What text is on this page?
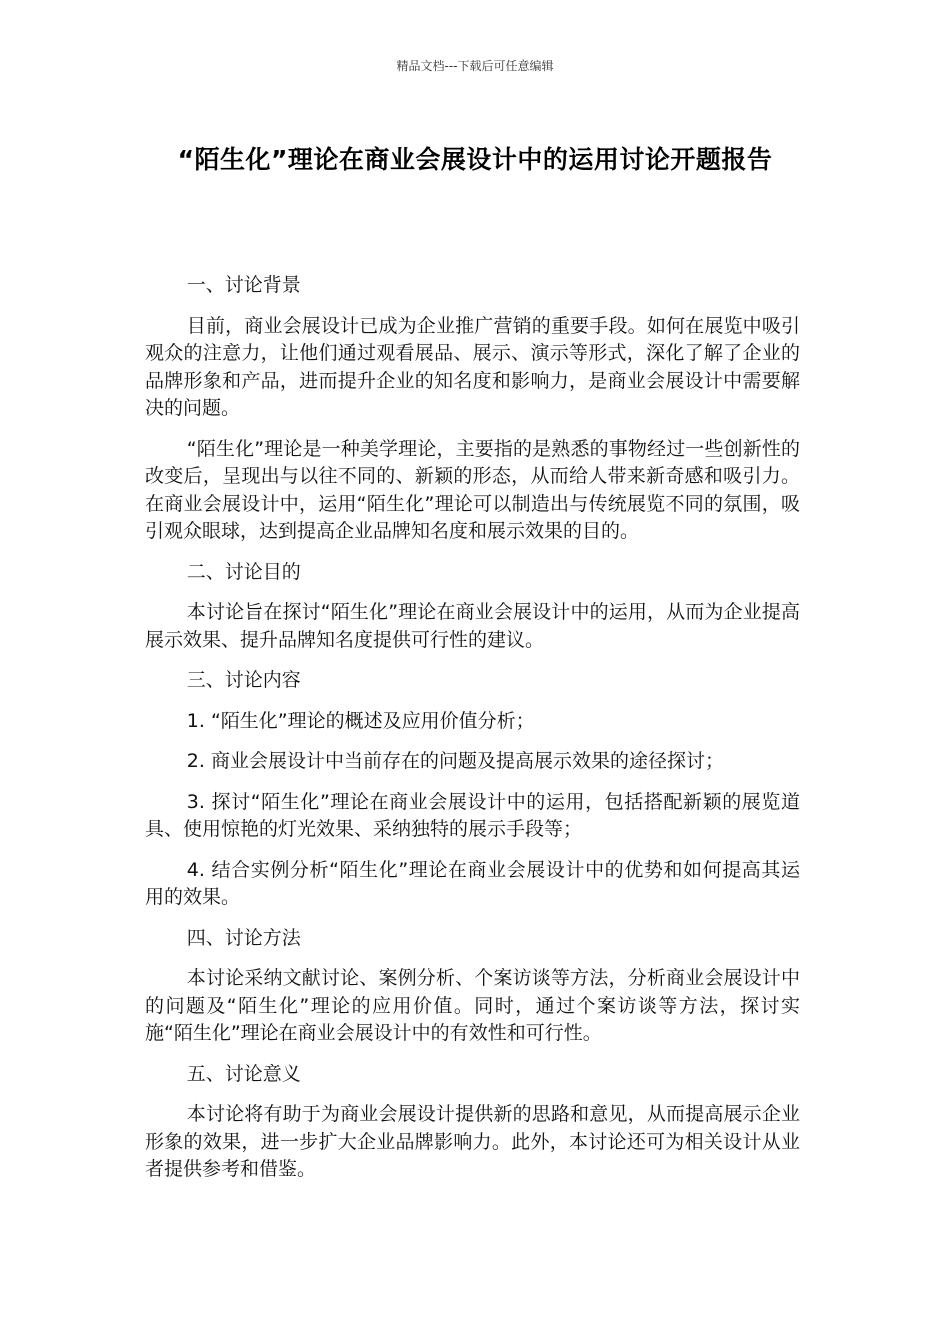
精品文档---下载后可任意编辑
“陌生化”理论在商业会展设计中的运用讨论开题报告

一、讨论背景

目前，商业会展设计已成为企业推广营销的重要手段。如何在展览中吸引观众的注意力，让他们通过观看展品、展示、演示等形式，深化了解了企业的品牌形象和产品，进而提升企业的知名度和影响力，是商业会展设计中需要解决的问题。

“陌生化”理论是一种美学理论，主要指的是熟悉的事物经过一些创新性的改变后，呈现出与以往不同的、新颖的形态，从而给人带来新奇感和吸引力。在商业会展设计中，运用“陌生化”理论可以制造出与传统展览不同的氛围，吸引观众眼球，达到提高企业品牌知名度和展示效果的目的。

二、讨论目的

本讨论旨在探讨“陌生化”理论在商业会展设计中的运用，从而为企业提高展示效果、提升品牌知名度提供可行性的建议。

三、讨论内容

1. “陌生化”理论的概述及应用价值分析；

2. 商业会展设计中当前存在的问题及提高展示效果的途径探讨；

3. 探讨“陌生化”理论在商业会展设计中的运用，包括搭配新颖的展览道具、使用惊艳的灯光效果、采纳独特的展示手段等；

4. 结合实例分析“陌生化”理论在商业会展设计中的优势和如何提高其运用的效果。

四、讨论方法

本讨论采纳文献讨论、案例分析、个案访谈等方法，分析商业会展设计中的问题及“陌生化”理论的应用价值。同时，通过个案访谈等方法，探讨实施“陌生化”理论在商业会展设计中的有效性和可行性。

五、讨论意义

本讨论将有助于为商业会展设计提供新的思路和意见，从而提高展示企业形象的效果，进一步扩大企业品牌影响力。此外，本讨论还可为相关设计从业者提供参考和借鉴。
